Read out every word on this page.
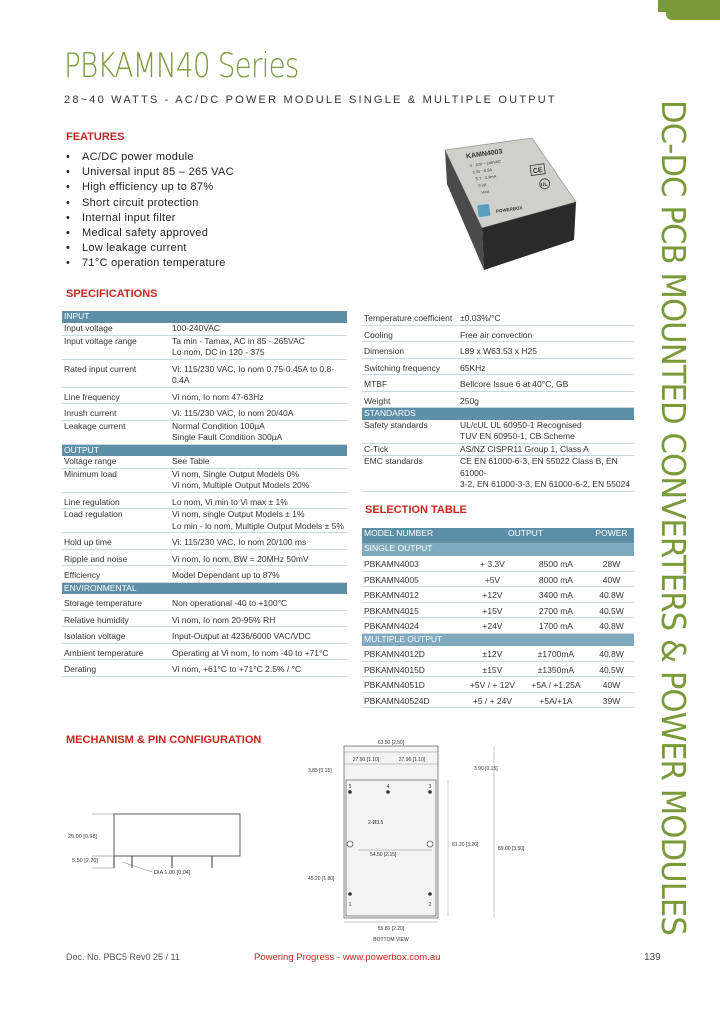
DC-DC PCB MOUNTED CONVERTERS & POWER MODULES
PBKAMN40 Series
28~40 WATTS - AC/DC POWER MODULE SINGLE & MULTIPLE OUTPUT
FEATURES
• AC/DC power module
• Universal input 85 – 265 VAC
• High efficiency up to 87%
• Short circuit protection
• Internal input filter
• Medical safety approved
• Low leakage current
• 71°C operation temperature
KAMN4003
V : 100 ~ 240VAC
3.3V : 8.5A
S.T : 3.3mA
0.3A
Vout
POWERBOX
CE
UL
SPECIFICATIONS
INPUT	
Input voltage	100-240VAC
Input voltage range	Ta min - Tamax, AC in 85 - 265VAC
Lo nom, DC in 120 - 375

Rated input current	Vi: 115/230 VAC, Io nom 0.75-0.45A to 0.8-0.4A
Line frequency	Vi nom, Io nom 47-63Hz
Inrush current	Vi: 115/230 VAC, Io nom 20/40A
Leakage current	Normal Condition 100µA
Single Fault Condition 300µA

OUTPUT	
Voltage range	See Table
Minimum load	Vi nom, Single Output Models 0%
Vi nom, Multiple Output Models 20%

Line regulation	Lo nom, Vi min to Vi max ± 1%
Load regulation	Vi nom, single Output Models ± 1%
Lo min - lo nom, Multiple Output Models ± 5%

Hold up time	Vi: 115/230 VAC, Io nom 20/100 ms
Ripple and noise	Vi nom, Io nom, BW = 20MHz 50mV
Efficiency	Model Dependant up to 87%
ENVIRONMENTAL	
Storage temperature	Non operational -40 to +100°C
Relative humidity	Vi nom, Io nom 20-95% RH
Isolation voltage	Input-Output at 4236/6000 VAC/VDC
Ambient temperature	Operating at Vi nom, Io nom -40 to +71°C
Derating	Vi nom, +61°C to +71°C 2.5% / °C
Temperature coefficient	±0.03%/°C
Cooling	Free air convection
Dimension	L89 x W63.53 x H25
Switching frequency	65KHz
MTBF	Bellcore Issue 6 at 40°C, GB
Weight	250g
STANDARDS	
Safety standards	UL/cUL UL 60950-1 Recognised
TUV EN 60950-1, CB Scheme

C-Tick	AS/NZ CISPR11 Group 1, Class A
EMC standards	CE EN 61000-6-3, EN 55022 Class B, EN 61000-
3-2, EN 61000-3-3, EN 61000-6-2, EN 55024
SELECTION TABLE
MODEL NUMBER	OUTPUT		POWER
SINGLE OUTPUT			
PBKAMN4003	+ 3.3V	8500 mA	28W
PBKAMN4005	+5V	8000 mA	40W
PBKAMN4012	+12V	3400 mA	40.8W
PBKAMN4015	+15V	2700 mA	40.5W
PBKAMN4024	+24V	1700 mA	40.8W
MULTIPLE OUTPUT			
PBKAMN4012D	±12V	±1700mA	40.8W
PBKAMN4015D	±15V	±1350mA	40.5W
PBKAMN4051D	+5V / + 12V	+5A / +1.25A	40W
PBKAMN40524D	+5 / + 24V	+5A/+1A	39W
MECHANISM & PIN CONFIGURATION
25.00 [0.98]
5.50 [2.20]
DIA 1.00 [0.04]
63.50 [2.50]
27.90 [1.10]	27.90 [1.10]
3.85 [0.15]	3.90 [0.15]
2-Ø3.5
54.50 [2.15]
81.20 [3.20]
89.00 [3.50]
45.20 [1.80]
55.80 [2.20]
BOTTOM VIEW
5	4	3
1	2
Doc. No. PBC5 Rev0 25 / 11	Powering Progress - www.powerbox.com.au	139
